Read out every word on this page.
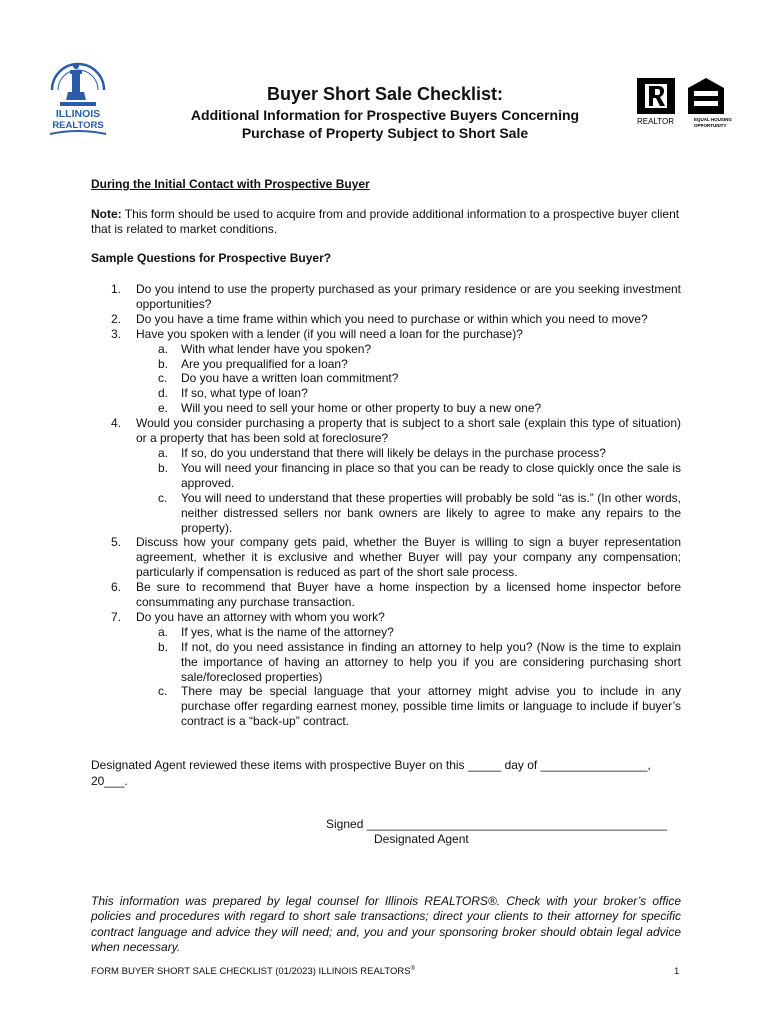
ILLINOIS
REALTORS	REALTOR	EQUAL HOUSING
OPPORTUNITY
Buyer Short Sale Checklist:
Additional Information for Prospective Buyers Concerning
Purchase of Property Subject to Short Sale
During the Initial Contact with Prospective Buyer
Note: This form should be used to acquire from and provide additional information to a prospective buyer client that is related to market conditions.
Sample Questions for Prospective Buyer?
1. Do you intend to use the property purchased as your primary residence or are you seeking investment opportunities?
2. Do you have a time frame within which you need to purchase or within which you need to move?
3. Have you spoken with a lender (if you will need a loan for the purchase)?
a. With what lender have you spoken?
b. Are you prequalified for a loan?
c. Do you have a written loan commitment?
d. If so, what type of loan?
e. Will you need to sell your home or other property to buy a new one?
4. Would you consider purchasing a property that is subject to a short sale (explain this type of situation) or a property that has been sold at foreclosure?
a. If so, do you understand that there will likely be delays in the purchase process?
b. You will need your financing in place so that you can be ready to close quickly once the sale is approved.
c. You will need to understand that these properties will probably be sold “as is.” (In other words, neither distressed sellers nor bank owners are likely to agree to make any repairs to the property).
5. Discuss how your company gets paid, whether the Buyer is willing to sign a buyer representation agreement, whether it is exclusive and whether Buyer will pay your company any compensation; particularly if compensation is reduced as part of the short sale process.
6. Be sure to recommend that Buyer have a home inspection by a licensed home inspector before consummating any purchase transaction.
7. Do you have an attorney with whom you work?
a. If yes, what is the name of the attorney?
b. If not, do you need assistance in finding an attorney to help you? (Now is the time to explain the importance of having an attorney to help you if you are considering purchasing short sale/foreclosed properties)
c. There may be special language that your attorney might advise you to include in any purchase offer regarding earnest money, possible time limits or language to include if buyer’s contract is a “back-up” contract.
Designated Agent reviewed these items with prospective Buyer on this _____ day of ________________, 20___.
Signed _____________________________________________
Designated Agent
This information was prepared by legal counsel for Illinois REALTORS®. Check with your broker’s office policies and procedures with regard to short sale transactions; direct your clients to their attorney for specific contract language and advice they will need; and, you and your sponsoring broker should obtain legal advice when necessary.
FORM BUYER SHORT SALE CHECKLIST (01/2023) ILLINOIS REALTORS®	1
